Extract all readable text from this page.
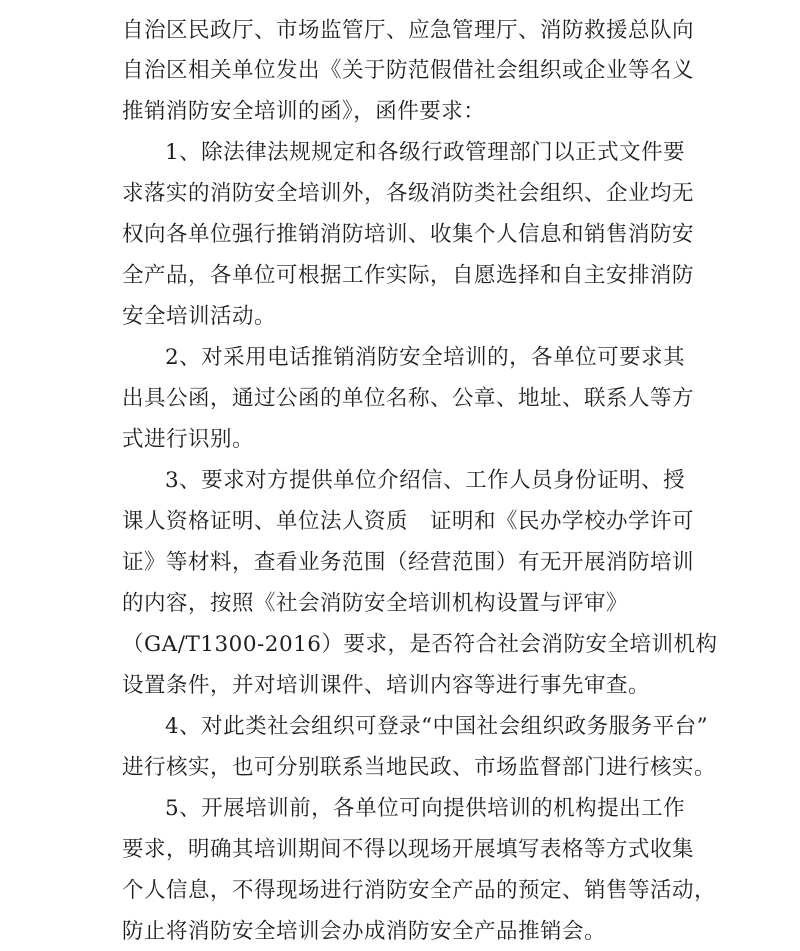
自治区民政厅、市场监管厅、应急管理厅、消防救援总队向
自治区相关单位发出《关于防范假借社会组织或企业等名义
推销消防安全培训的函》，函件要求：
1、除法律法规规定和各级行政管理部门以正式文件要
求落实的消防安全培训外，各级消防类社会组织、企业均无
权向各单位强行推销消防培训、收集个人信息和销售消防安
全产品，各单位可根据工作实际，自愿选择和自主安排消防
安全培训活动。
2、对采用电话推销消防安全培训的，各单位可要求其
出具公函，通过公函的单位名称、公章、地址、联系人等方
式进行识别。
3、要求对方提供单位介绍信、工作人员身份证明、授
课人资格证明、单位法人资质　证明和《民办学校办学许可
证》等材料，查看业务范围（经营范围）有无开展消防培训
的内容，按照《社会消防安全培训机构设置与评审》
（GA/T1300-2016）要求，是否符合社会消防安全培训机构
设置条件，并对培训课件、培训内容等进行事先审查。
4、对此类社会组织可登录“中国社会组织政务服务平台”
进行核实，也可分别联系当地民政、市场监督部门进行核实。
5、开展培训前，各单位可向提供培训的机构提出工作
要求，明确其培训期间不得以现场开展填写表格等方式收集
个人信息，不得现场进行消防安全产品的预定、销售等活动，
防止将消防安全培训会办成消防安全产品推销会。
